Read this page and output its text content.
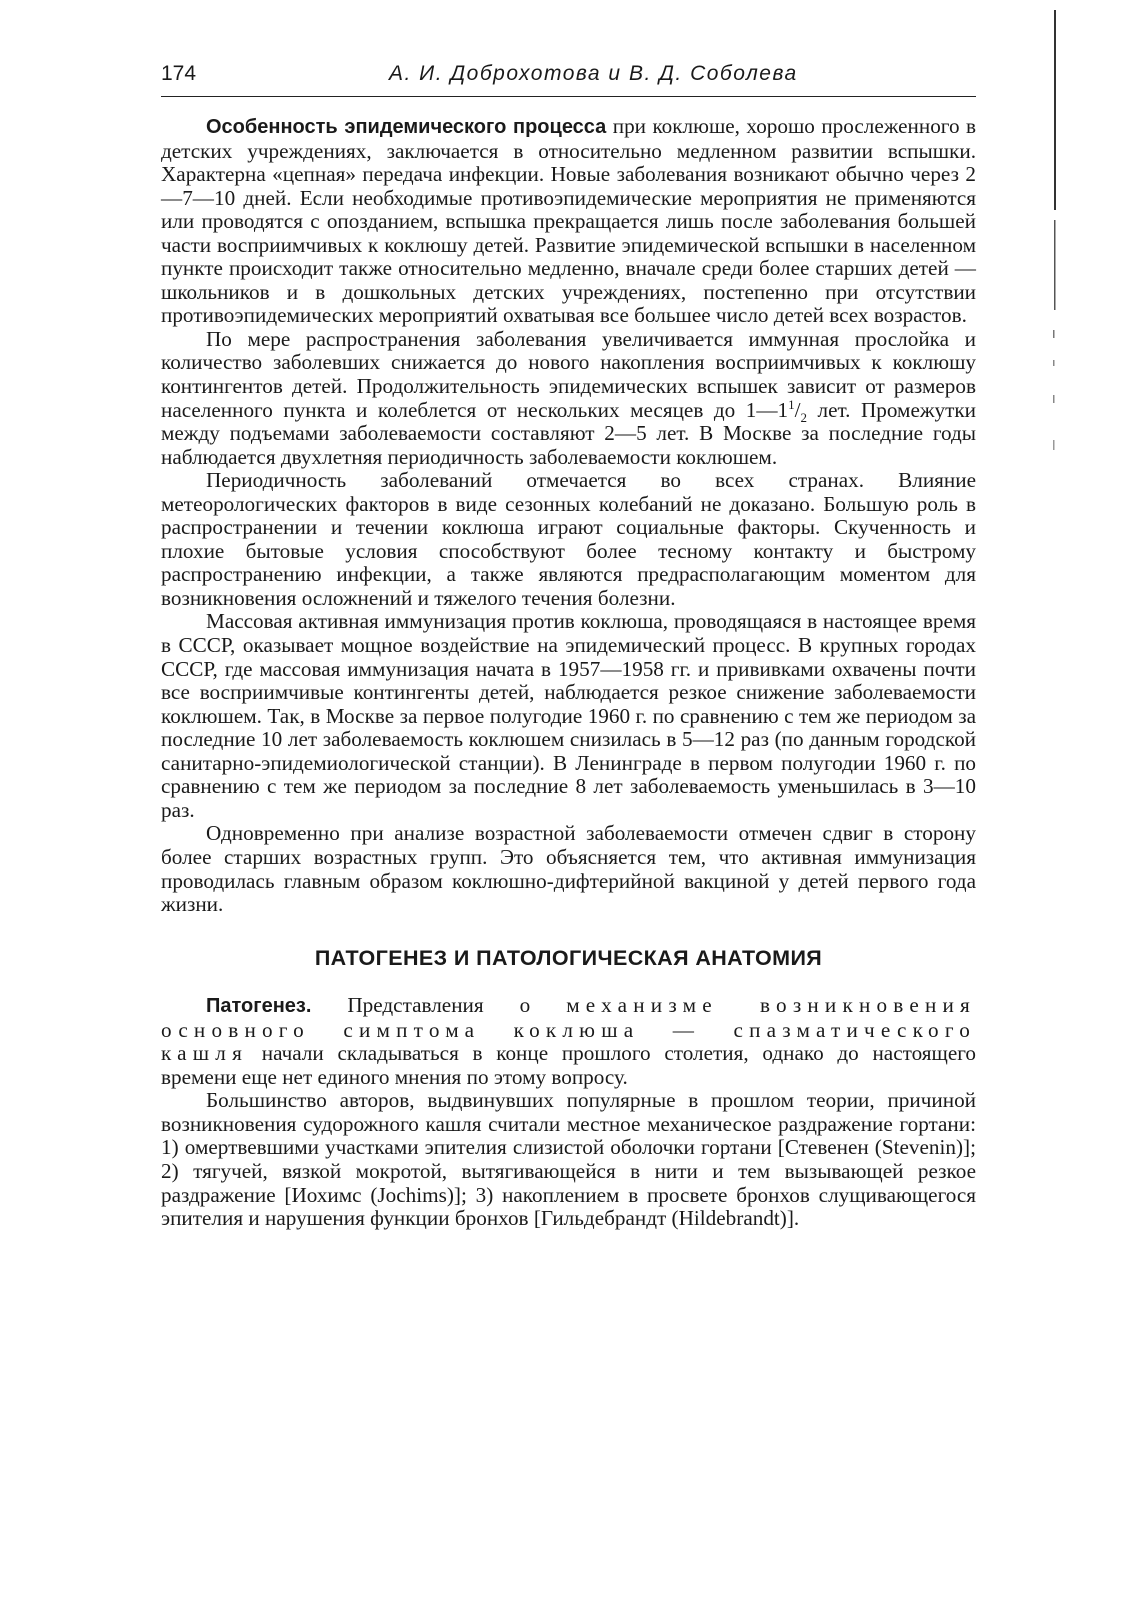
174	А. И. Доброхотова и В. Д. Соболева

Особенность эпидемического процесса при коклюше, хорошо прослеженного в детских учреждениях, заключается в относительно медленном развитии вспышки. Характерна «цепная» передача инфекции. Новые заболевания возникают обычно через 2—7—10 дней. Если необходимые противоэпидемические мероприятия не применяются или проводятся с опозданием, вспышка прекращается лишь после заболевания большей части восприимчивых к коклюшу детей. Развитие эпидемической вспышки в населенном пункте происходит также относительно медленно, вначале среди более старших детей — школьников и в дошкольных детских учреждениях, постепенно при отсутствии противоэпидемических мероприятий охватывая все большее число детей всех возрастов.

По мере распространения заболевания увеличивается иммунная прослойка и количество заболевших снижается до нового накопления восприимчивых к коклюшу контингентов детей. Продолжительность эпидемических вспышек зависит от размеров населенного пункта и колеблется от нескольких месяцев до $1—1^1/_2$ лет. Промежутки между подъемами заболеваемости составляют 2—5 лет. В Москве за последние годы наблюдается двухлетняя периодичность заболеваемости коклюшем.

Периодичность заболеваний отмечается во всех странах. Влияние метеорологических факторов в виде сезонных колебаний не доказано. Большую роль в распространении и течении коклюша играют социальные факторы. Скученность и плохие бытовые условия способствуют более тесному контакту и быстрому распространению инфекции, а также являются предрасполагающим моментом для возникновения осложнений и тяжелого течения болезни.

Массовая активная иммунизация против коклюша, проводящаяся в настоящее время в СССР, оказывает мощное воздействие на эпидемический процесс. В крупных городах СССР, где массовая иммунизация начата в 1957—1958 гг. и прививками охвачены почти все восприимчивые контингенты детей, наблюдается резкое снижение заболеваемости коклюшем. Так, в Москве за первое полугодие 1960 г. по сравнению с тем же периодом за последние 10 лет заболеваемость коклюшем снизилась в 5—12 раз (по данным городской санитарно-эпидемиологической станции). В Ленинграде в первом полугодии 1960 г. по сравнению с тем же периодом за последние 8 лет заболеваемость уменьшилась в 3—10 раз.

Одновременно при анализе возрастной заболеваемости отмечен сдвиг в сторону более старших возрастных групп. Это объясняется тем, что активная иммунизация проводилась главным образом коклюшно-дифтерийной вакциной у детей первого года жизни.

ПАТОГЕНЕЗ И ПАТОЛОГИЧЕСКАЯ АНАТОМИЯ

Патогенез. Представления о механизме возникновения основного симптома коклюша — спазматического кашля начали складываться в конце прошлого столетия, однако до настоящего времени еще нет единого мнения по этому вопросу.

Большинство авторов, выдвинувших популярные в прошлом теории, причиной возникновения судорожного кашля считали местное механическое раздражение гортани: 1) омертвевшими участками эпителия слизистой оболочки гортани [Стевенен (Stevenin)]; 2) тягучей, вязкой мокротой, вытягивающейся в нити и тем вызывающей резкое раздражение [Иохимс (Jochims)]; 3) накоплением в просвете бронхов слущивающегося эпителия и нарушения функции бронхов [Гильдебрандт (Hildebrandt)].
